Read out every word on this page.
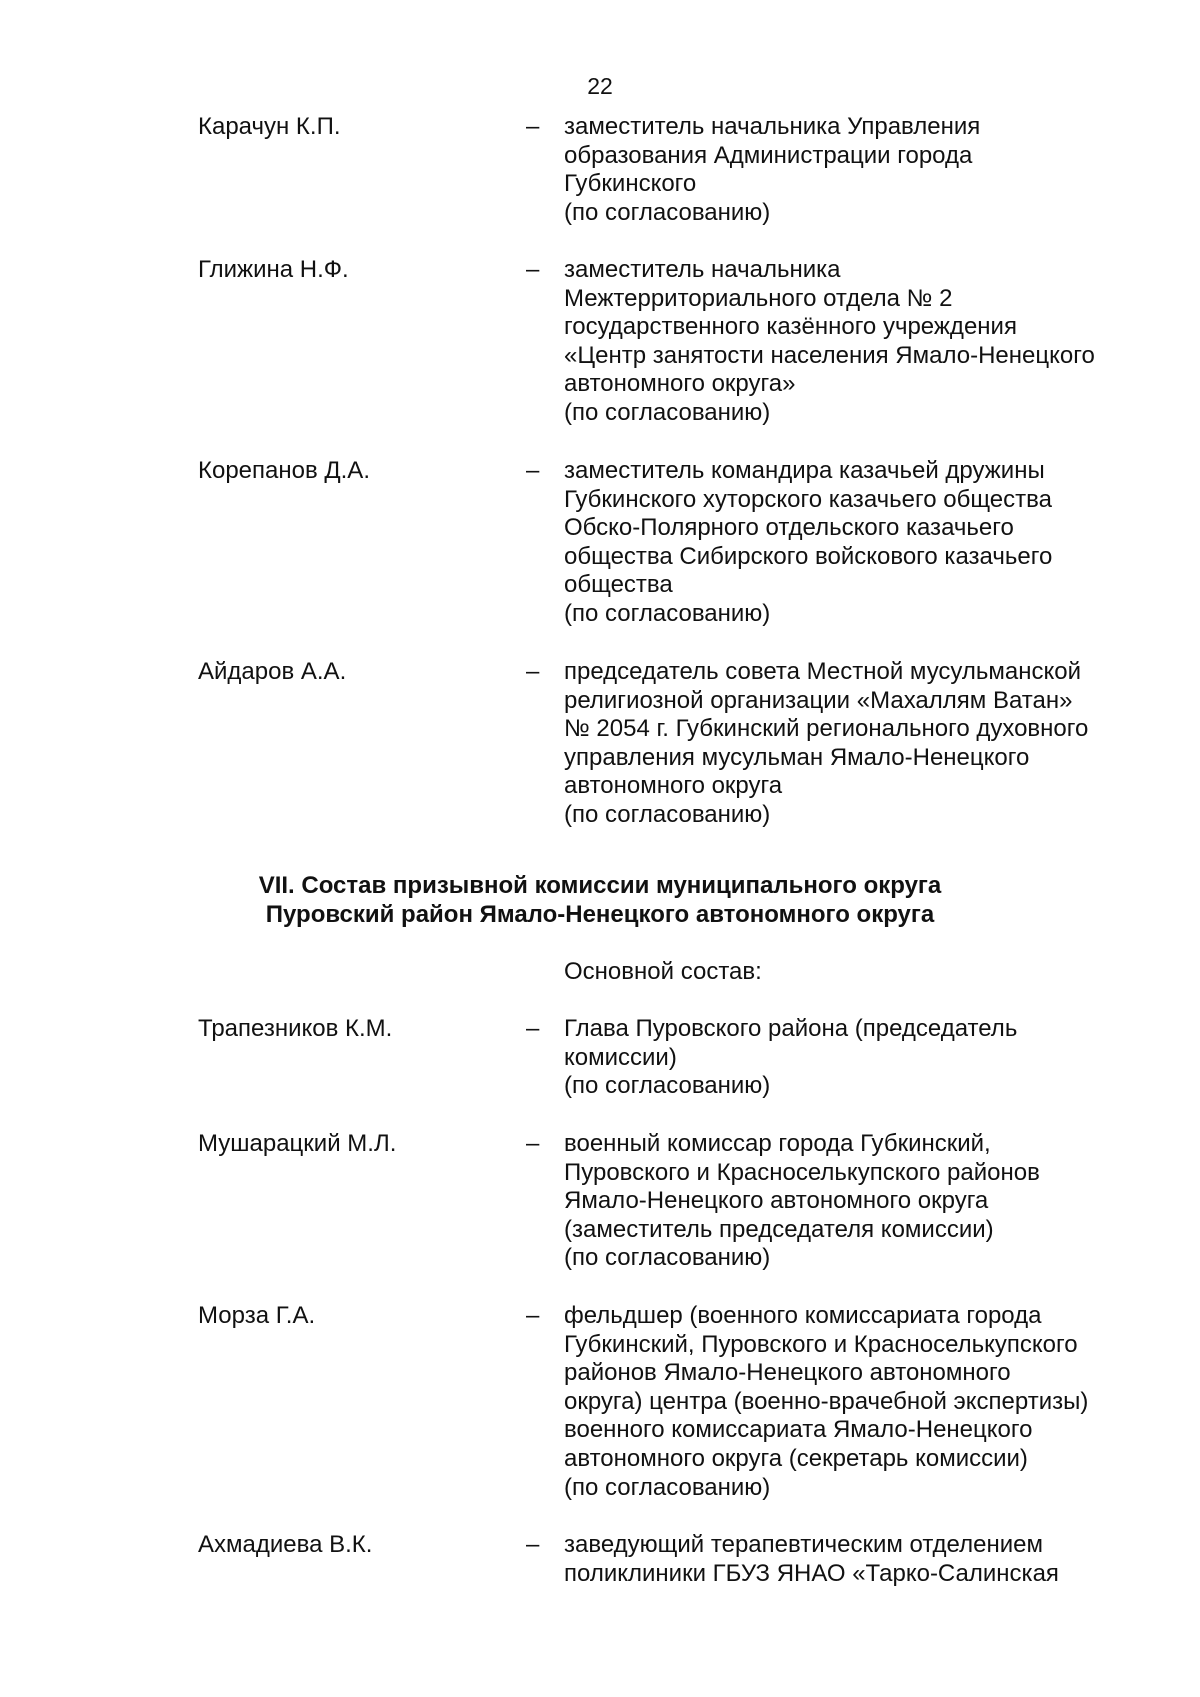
22
Карачун К.П.	– заместитель начальника Управления
образования Администрации города
Губкинского
(по согласованию)
Глижина Н.Ф.	– заместитель начальника
Межтерриториального отдела № 2
государственного казённого учреждения
«Центр занятости населения Ямало-Ненецкого
автономного округа»
(по согласованию)
Корепанов Д.А.	– заместитель командира казачьей дружины
Губкинского хуторского казачьего общества
Обско-Полярного отдельского казачьего
общества Сибирского войскового казачьего
общества
(по согласованию)
Айдаров А.А.	– председатель совета Местной мусульманской
религиозной организации «Махаллям Ватан»
№ 2054 г. Губкинский регионального духовного
управления мусульман Ямало-Ненецкого
автономного округа
(по согласованию)
VII. Состав призывной комиссии муниципального округа
Пуровский район Ямало-Ненецкого автономного округа
Основной состав:
Трапезников К.М.	– Глава Пуровского района (председатель
комиссии)
(по согласованию)
Мушарацкий М.Л.	– военный комиссар города Губкинский,
Пуровского и Красноселькупского районов
Ямало-Ненецкого автономного округа
(заместитель председателя комиссии)
(по согласованию)
Морза Г.А.	– фельдшер (военного комиссариата города
Губкинский, Пуровского и Красноселькупского
районов Ямало-Ненецкого автономного
округа) центра (военно-врачебной экспертизы)
военного комиссариата Ямало-Ненецкого
автономного округа (секретарь комиссии)
(по согласованию)
Ахмадиева В.К.	– заведующий терапевтическим отделением
поликлиники ГБУЗ ЯНАО «Тарко-Салинская
